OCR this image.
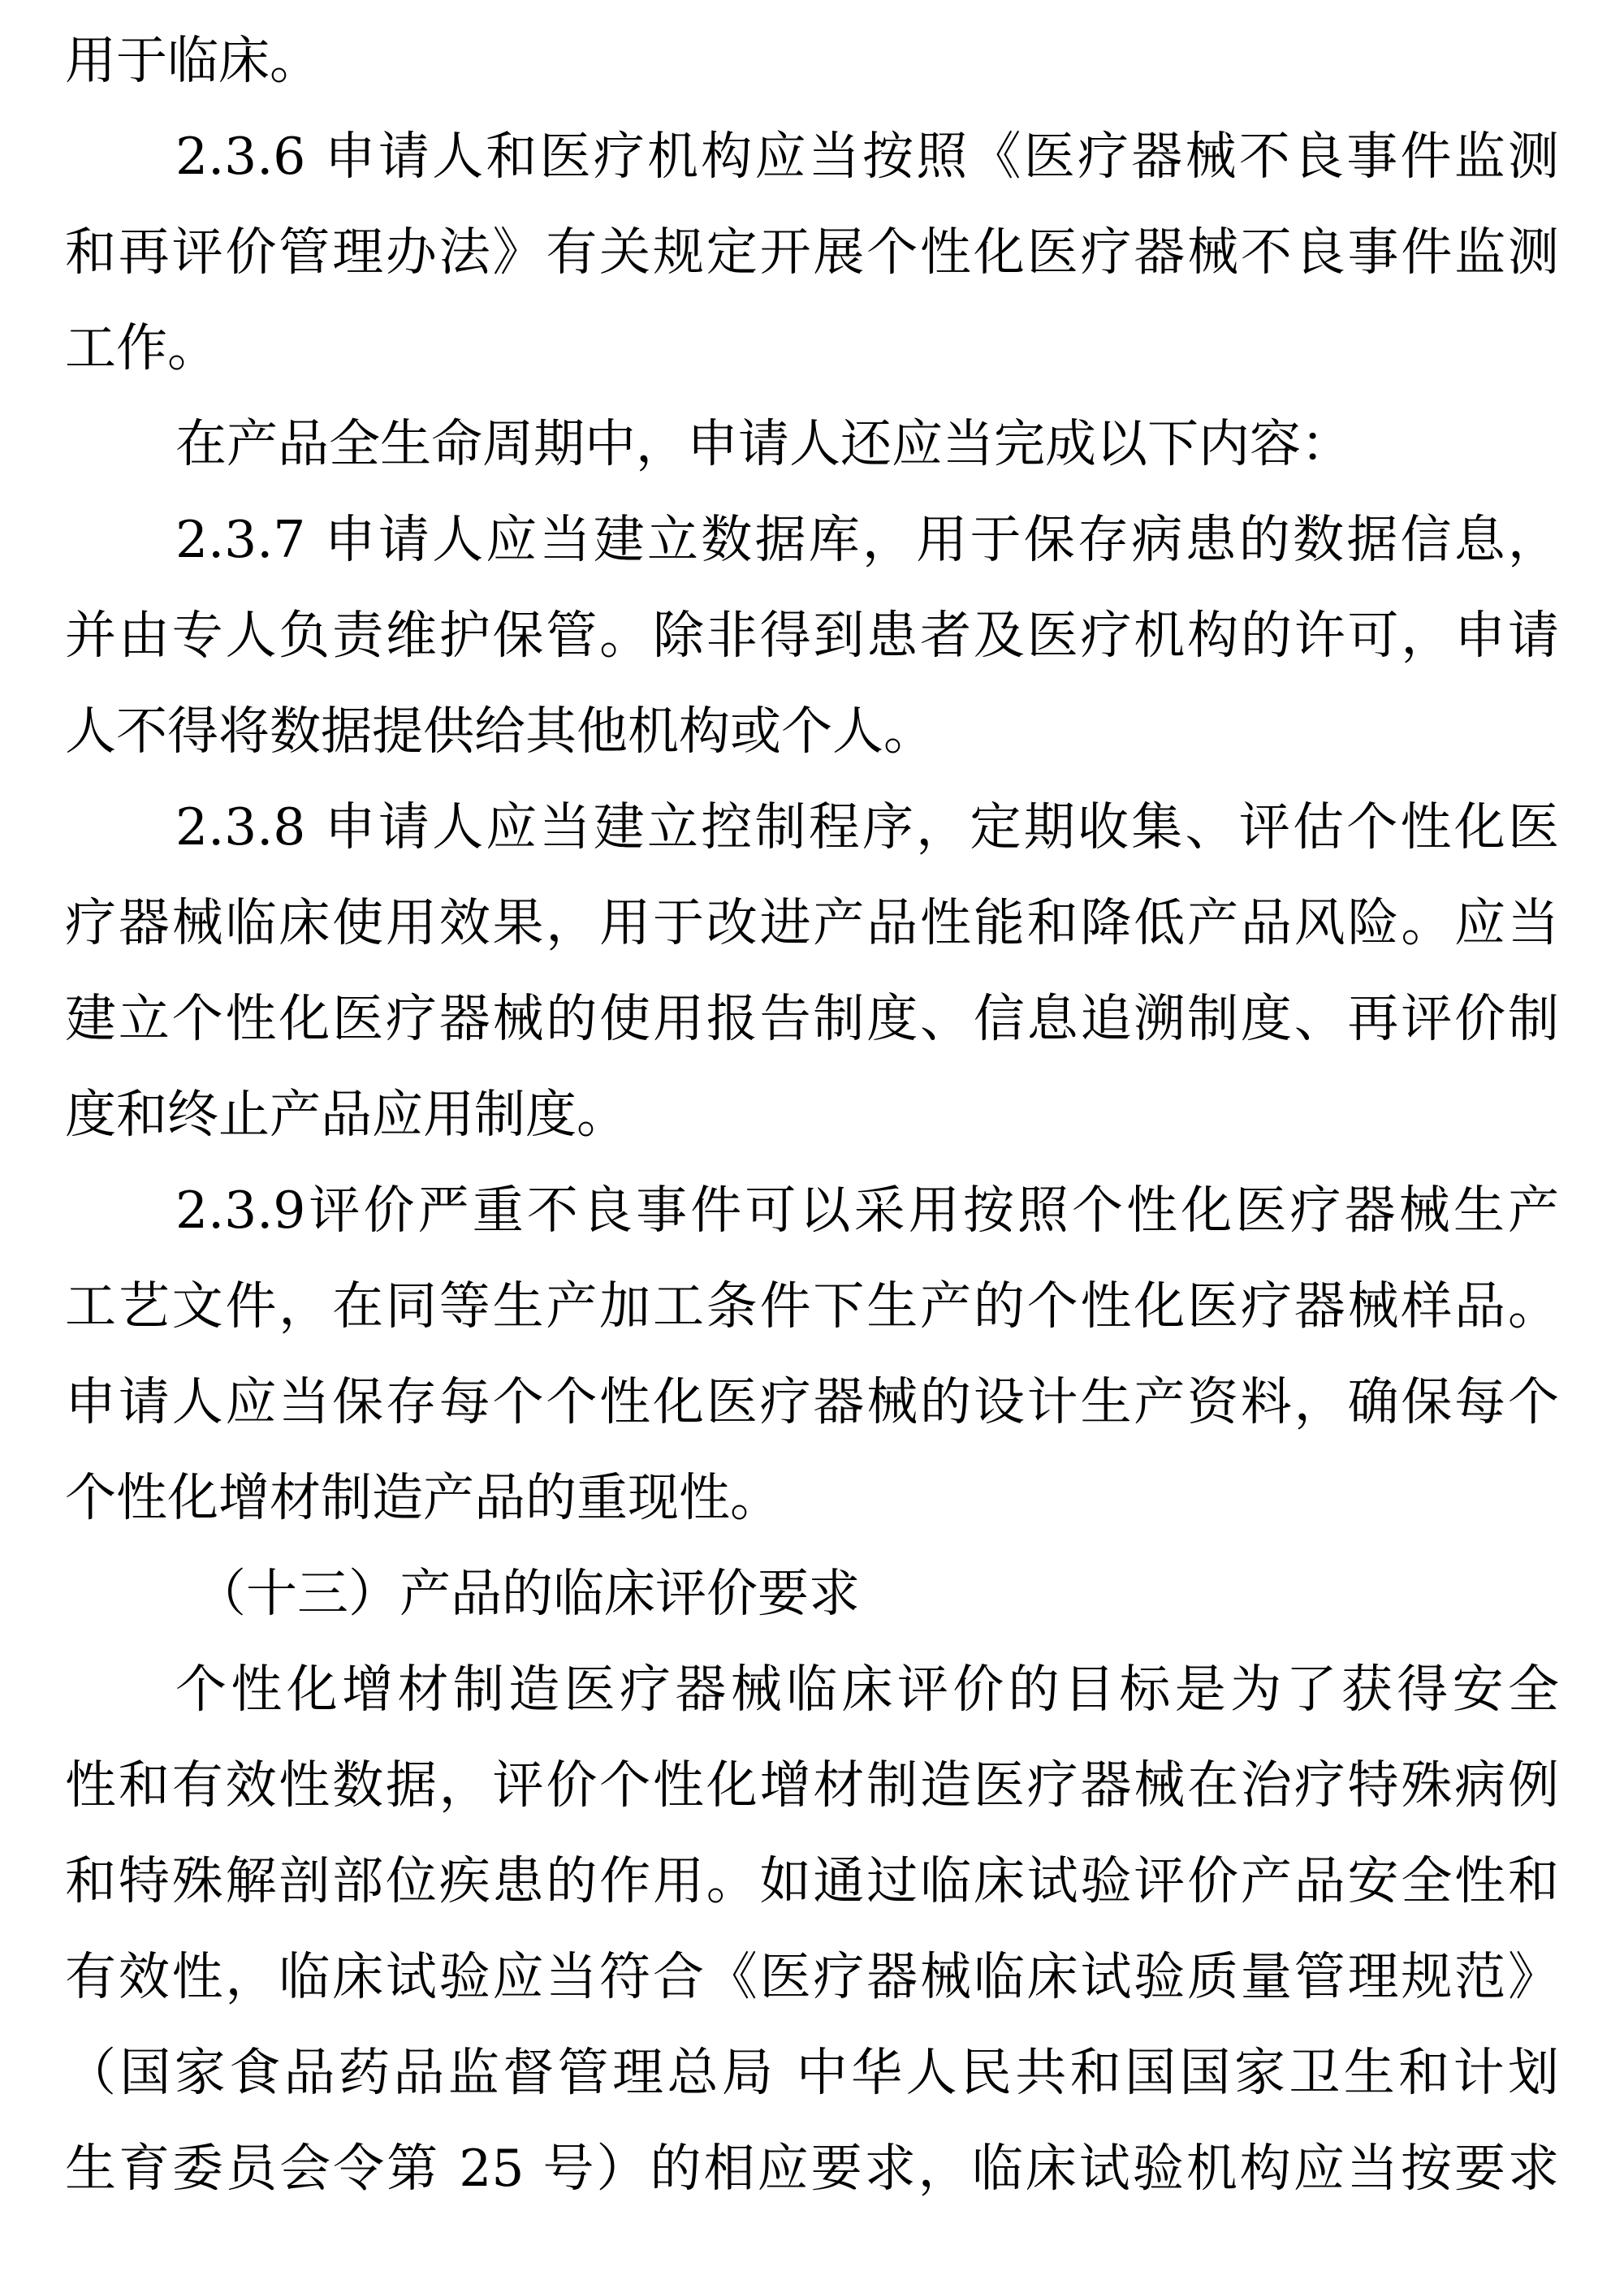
用于临床。
2.3.6 申请人和医疗机构应当按照《医疗器械不良事件监测
和再评价管理办法》有关规定开展个性化医疗器械不良事件监测
工作。
在产品全生命周期中，申请人还应当完成以下内容：
2.3.7 申请人应当建立数据库，用于保存病患的数据信息，
并由专人负责维护保管。除非得到患者及医疗机构的许可，申请
人不得将数据提供给其他机构或个人。
2.3.8 申请人应当建立控制程序，定期收集、评估个性化医
疗器械临床使用效果，用于改进产品性能和降低产品风险。应当
建立个性化医疗器械的使用报告制度、信息追溯制度、再评价制
度和终止产品应用制度。
2.3.9评价严重不良事件可以采用按照个性化医疗器械生产
工艺文件，在同等生产加工条件下生产的个性化医疗器械样品。
申请人应当保存每个个性化医疗器械的设计生产资料，确保每个
个性化增材制造产品的重现性。
（十三）产品的临床评价要求
个性化增材制造医疗器械临床评价的目标是为了获得安全
性和有效性数据，评价个性化增材制造医疗器械在治疗特殊病例
和特殊解剖部位疾患的作用。如通过临床试验评价产品安全性和
有效性，临床试验应当符合《医疗器械临床试验质量管理规范》
（国家食品药品监督管理总局 中华人民共和国国家卫生和计划
生育委员会令第 25 号）的相应要求，临床试验机构应当按要求
